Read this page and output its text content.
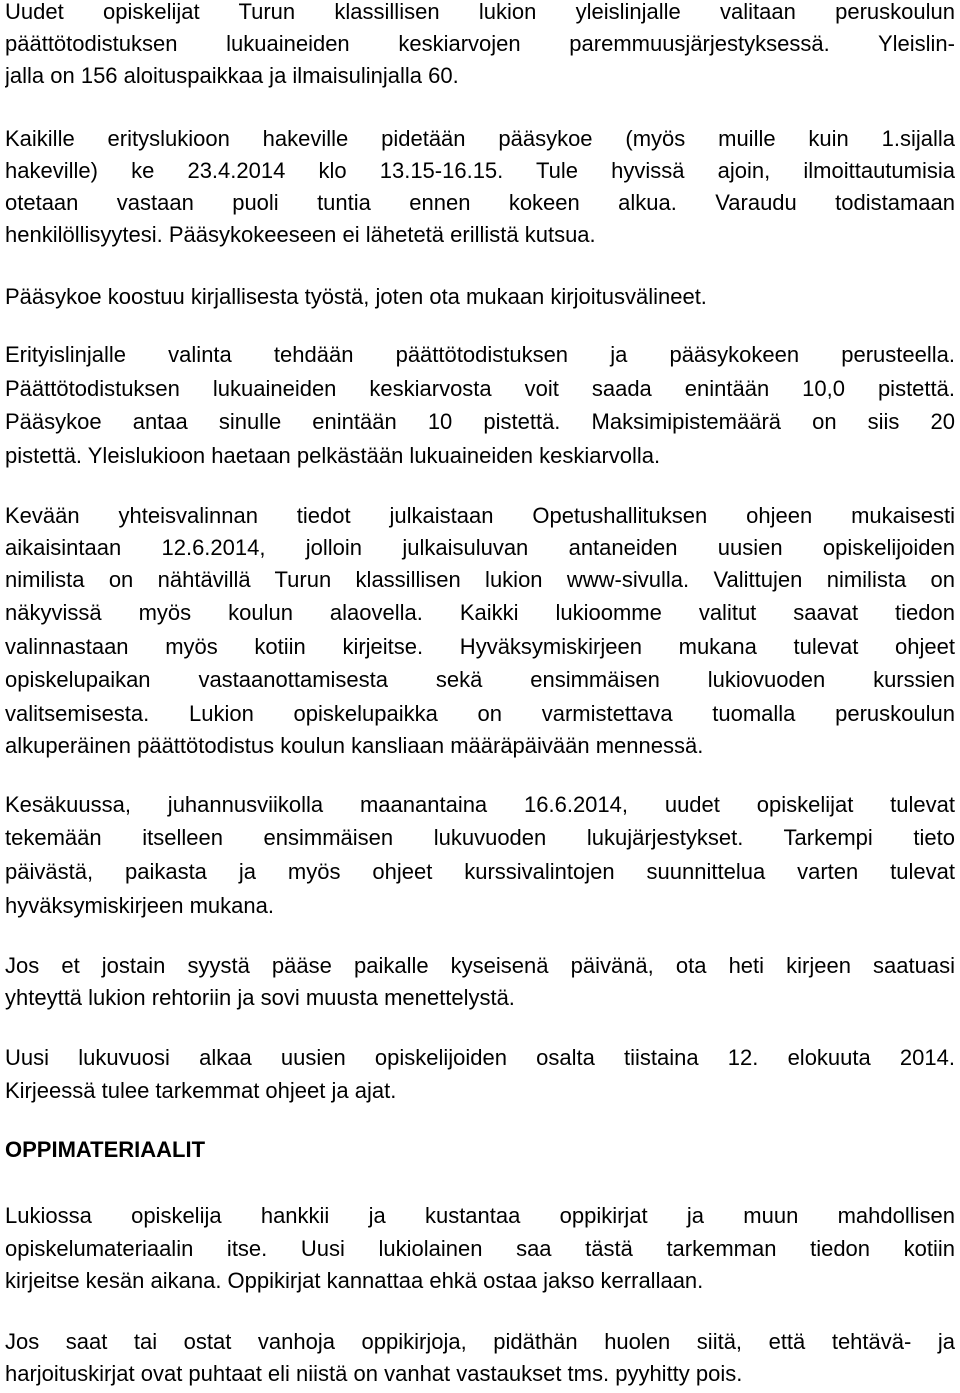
Uudet opiskelijat Turun klassillisen lukion yleislinjalle valitaan peruskoulun
päättötodistuksen lukuaineiden keskiarvojen paremmuusjärjestyksessä. Yleislin-
jalla on 156 aloituspaikkaa ja ilmaisulinjalla 60.
Kaikille erityslukioon hakeville pidetään pääsykoe (myös muille kuin 1.sijalla
hakeville) ke 23.4.2014 klo 13.15-16.15. Tule hyvissä ajoin, ilmoittautumisia
otetaan vastaan puoli tuntia ennen kokeen alkua. Varaudu todistamaan
henkilöllisyytesi. Pääsykokeeseen ei lähetetä erillistä kutsua.
Pääsykoe koostuu kirjallisesta työstä, joten ota mukaan kirjoitusvälineet.
Erityislinjalle valinta tehdään päättötodistuksen ja pääsykokeen perusteella.
Päättötodistuksen lukuaineiden keskiarvosta voit saada enintään 10,0 pistettä.
Pääsykoe antaa sinulle enintään 10 pistettä. Maksimipistemäärä on siis 20
pistettä. Yleislukioon haetaan pelkästään lukuaineiden keskiarvolla.
Kevään yhteisvalinnan tiedot julkaistaan Opetushallituksen ohjeen mukaisesti
aikaisintaan 12.6.2014, jolloin julkaisuluvan antaneiden uusien opiskelijoiden
nimilista on nähtävillä Turun klassillisen lukion www-sivulla. Valittujen nimilista on
näkyvissä myös koulun alaovella. Kaikki lukioomme valitut saavat tiedon
valinnastaan myös kotiin kirjeitse. Hyväksymiskirjeen mukana tulevat ohjeet
opiskelupaikan vastaanottamisesta sekä ensimmäisen lukiovuoden kurssien
valitsemisesta. Lukion opiskelupaikka on varmistettava tuomalla peruskoulun
alkuperäinen päättötodistus koulun kansliaan määräpäivään mennessä.
Kesäkuussa, juhannusviikolla maanantaina 16.6.2014, uudet opiskelijat tulevat
tekemään itselleen ensimmäisen lukuvuoden lukujärjestykset. Tarkempi tieto
päivästä, paikasta ja myös ohjeet kurssivalintojen suunnittelua varten tulevat
hyväksymiskirjeen mukana.
Jos et jostain syystä pääse paikalle kyseisenä päivänä, ota heti kirjeen saatuasi
yhteyttä lukion rehtoriin ja sovi muusta menettelystä.
Uusi lukuvuosi alkaa uusien opiskelijoiden osalta tiistaina 12. elokuuta 2014.
Kirjeessä tulee tarkemmat ohjeet ja ajat.
OPPIMATERIAALIT
Lukiossa opiskelija hankkii ja kustantaa oppikirjat ja muun mahdollisen
opiskelumateriaalin itse. Uusi lukiolainen saa tästä tarkemman tiedon kotiin
kirjeitse kesän aikana. Oppikirjat kannattaa ehkä ostaa jakso kerrallaan.
Jos saat tai ostat vanhoja oppikirjoja, pidäthän huolen siitä, että tehtävä- ja
harjoituskirjat ovat puhtaat eli niistä on vanhat vastaukset tms. pyyhitty pois.
